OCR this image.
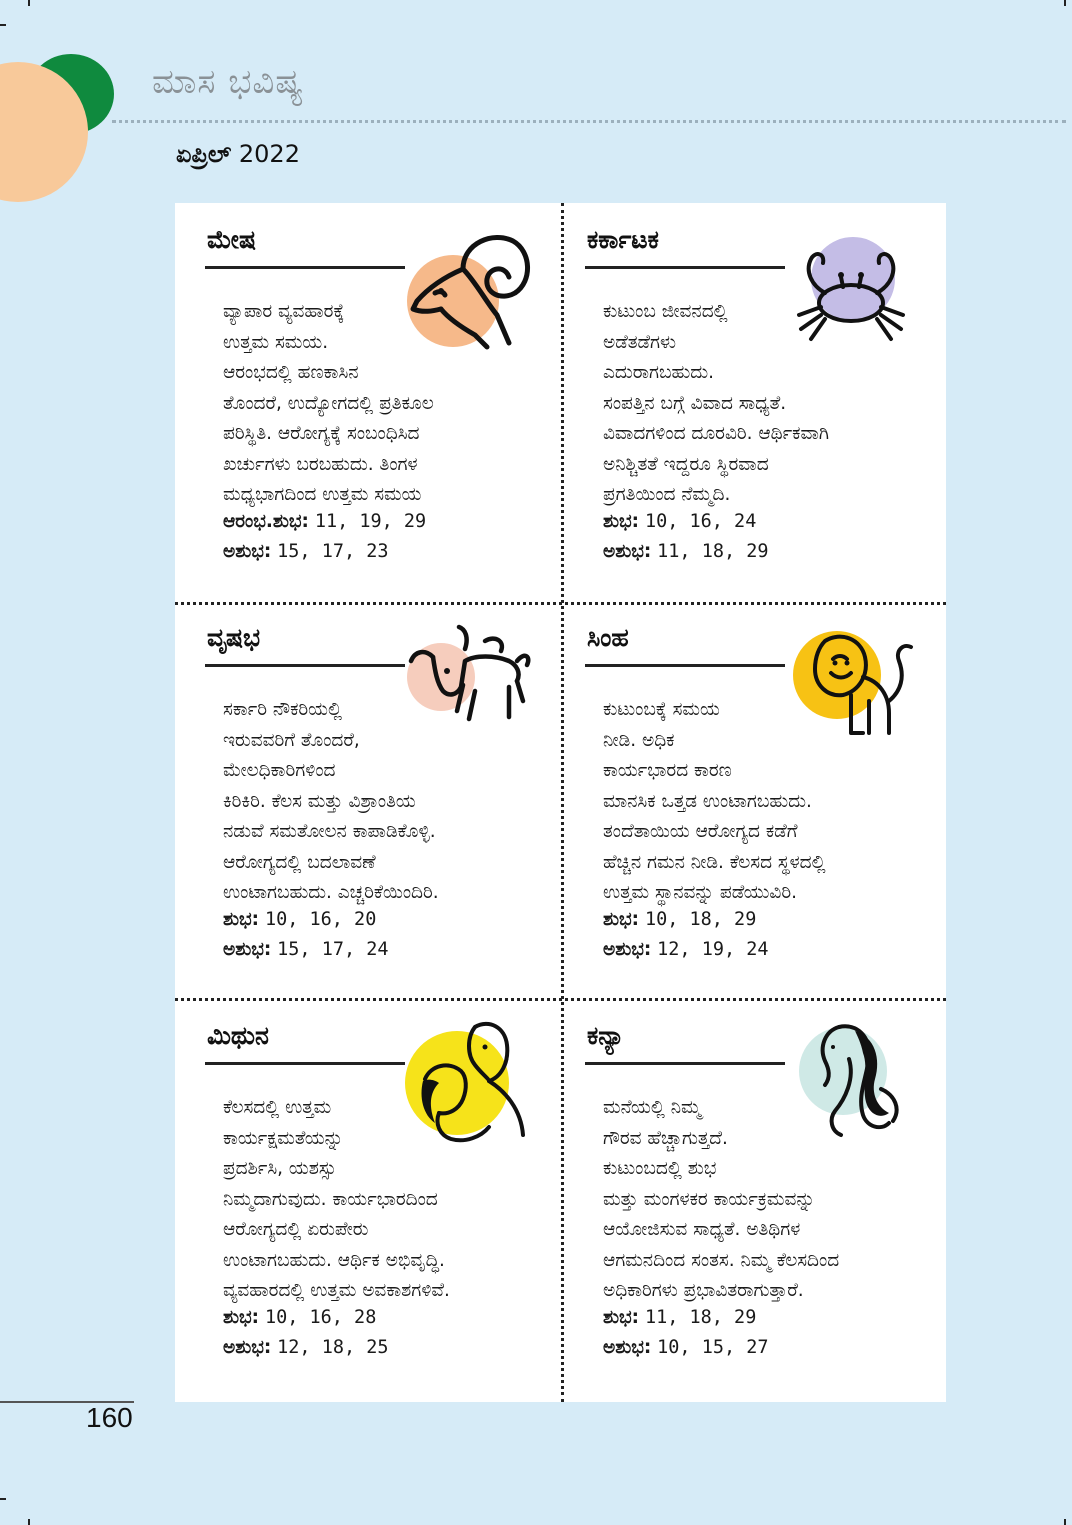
ಮಾಸ ಭವಿಷ್ಯ
ಏಪ್ರಿಲ್ 2022
ಮೇಷ
ವ್ಯಾಪಾರ ವ್ಯವಹಾರಕ್ಕೆ
ಉತ್ತಮ ಸಮಯ.
ಆರಂಭದಲ್ಲಿ ಹಣಕಾಸಿನ
ತೊಂದರೆ, ಉದ್ಯೋಗದಲ್ಲಿ ಪ್ರತಿಕೂಲ
ಪರಿಸ್ಥಿತಿ. ಆರೋಗ್ಯಕ್ಕೆ ಸಂಬಂಧಿಸಿದ
ಖರ್ಚುಗಳು ಬರಬಹುದು. ತಿಂಗಳ
ಮಧ್ಯಭಾಗದಿಂದ ಉತ್ತಮ ಸಮಯ
ಆರಂಭ.ಶುಭ: 11, 19, 29
ಅಶುಭ: 15, 17, 23
ಕರ್ಕಾಟಕ
ಕುಟುಂಬ ಜೀವನದಲ್ಲಿ
ಅಡೆತಡೆಗಳು
ಎದುರಾಗಬಹುದು.
ಸಂಪತ್ತಿನ ಬಗ್ಗೆ ವಿವಾದ ಸಾಧ್ಯತೆ.
ವಿವಾದಗಳಿಂದ ದೂರವಿರಿ. ಆರ್ಥಿಕವಾಗಿ
ಅನಿಶ್ಚಿತತೆ ಇದ್ದರೂ ಸ್ಥಿರವಾದ
ಪ್ರಗತಿಯಿಂದ ನೆಮ್ಮದಿ.
ಶುಭ: 10, 16, 24
ಅಶುಭ: 11, 18, 29
ವೃಷಭ
ಸರ್ಕಾರಿ ನೌಕರಿಯಲ್ಲಿ
ಇರುವವರಿಗೆ ತೊಂದರೆ,
ಮೇಲಧಿಕಾರಿಗಳಿಂದ
ಕಿರಿಕಿರಿ. ಕೆಲಸ ಮತ್ತು ವಿಶ್ರಾಂತಿಯ
ನಡುವೆ ಸಮತೋಲನ ಕಾಪಾಡಿಕೊಳ್ಳಿ.
ಆರೋಗ್ಯದಲ್ಲಿ ಬದಲಾವಣೆ
ಉಂಟಾಗಬಹುದು. ಎಚ್ಚರಿಕೆಯಿಂದಿರಿ.
ಶುಭ: 10, 16, 20
ಅಶುಭ: 15, 17, 24
ಸಿಂಹ
ಕುಟುಂಬಕ್ಕೆ ಸಮಯ
ನೀಡಿ. ಅಧಿಕ
ಕಾರ್ಯಭಾರದ ಕಾರಣ
ಮಾನಸಿಕ ಒತ್ತಡ ಉಂಟಾಗಬಹುದು.
ತಂದೆತಾಯಿಯ ಆರೋಗ್ಯದ ಕಡೆಗೆ
ಹೆಚ್ಚಿನ ಗಮನ ನೀಡಿ. ಕೆಲಸದ ಸ್ಥಳದಲ್ಲಿ
ಉತ್ತಮ ಸ್ಥಾನವನ್ನು ಪಡೆಯುವಿರಿ.
ಶುಭ: 10, 18, 29
ಅಶುಭ: 12, 19, 24
ಮಿಥುನ
ಕೆಲಸದಲ್ಲಿ ಉತ್ತಮ
ಕಾರ್ಯಕ್ಷಮತೆಯನ್ನು
ಪ್ರದರ್ಶಿಸಿ, ಯಶಸ್ಸು
ನಿಮ್ಮದಾಗುವುದು. ಕಾರ್ಯಭಾರದಿಂದ
ಆರೋಗ್ಯದಲ್ಲಿ ಏರುಪೇರು
ಉಂಟಾಗಬಹುದು. ಆರ್ಥಿಕ ಅಭಿವೃದ್ಧಿ.
ವ್ಯವಹಾರದಲ್ಲಿ ಉತ್ತಮ ಅವಕಾಶಗಳಿವೆ.
ಶುಭ: 10, 16, 28
ಅಶುಭ: 12, 18, 25
ಕನ್ಯಾ
ಮನೆಯಲ್ಲಿ ನಿಮ್ಮ
ಗೌರವ ಹೆಚ್ಚಾಗುತ್ತದೆ.
ಕುಟುಂಬದಲ್ಲಿ ಶುಭ
ಮತ್ತು ಮಂಗಳಕರ ಕಾರ್ಯಕ್ರಮವನ್ನು
ಆಯೋಜಿಸುವ ಸಾಧ್ಯತೆ. ಅತಿಥಿಗಳ
ಆಗಮನದಿಂದ ಸಂತಸ. ನಿಮ್ಮ ಕೆಲಸದಿಂದ
ಅಧಿಕಾರಿಗಳು ಪ್ರಭಾವಿತರಾಗುತ್ತಾರೆ.
ಶುಭ: 11, 18, 29
ಅಶುಭ: 10, 15, 27
160
